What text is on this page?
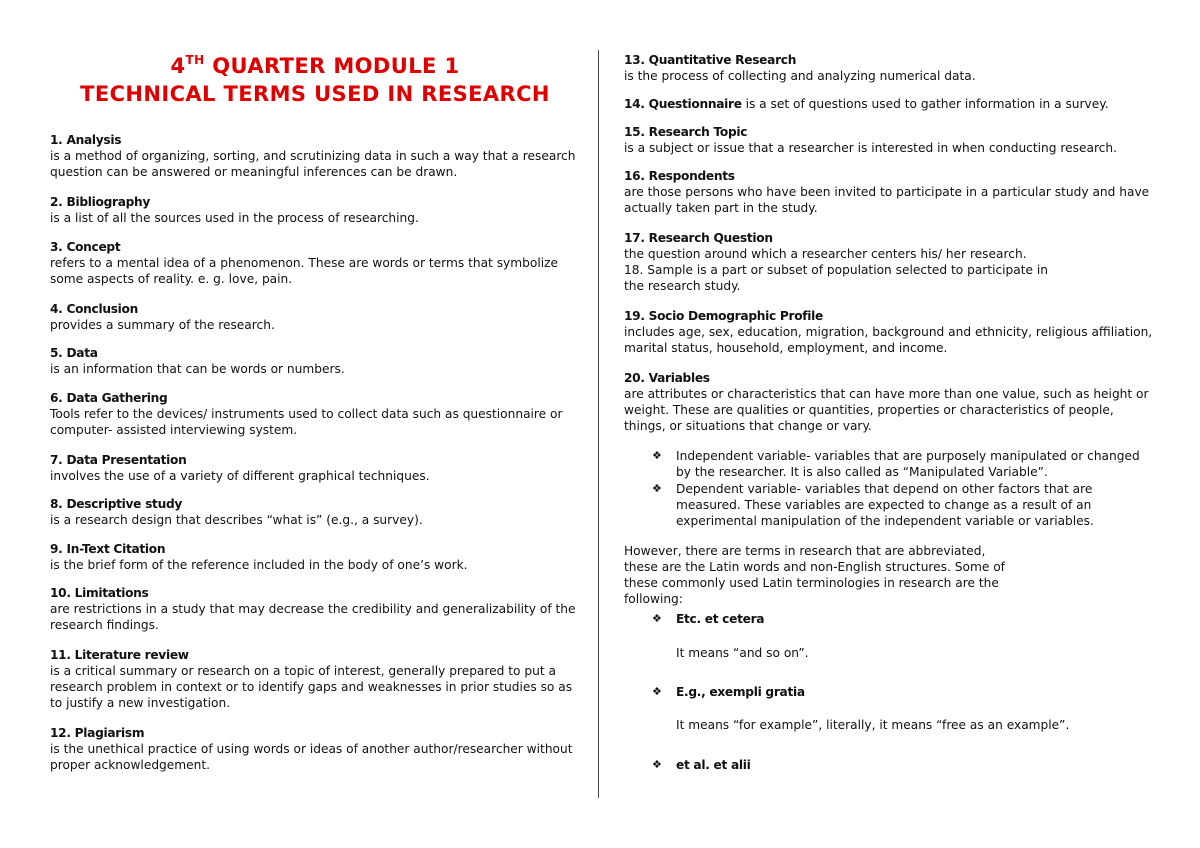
4TH QUARTER MODULE 1
TECHNICAL TERMS USED IN RESEARCH
1. Analysis
is a method of organizing, sorting, and scrutinizing data in such a way that a research question can be answered or meaningful inferences can be drawn.
2. Bibliography
is a list of all the sources used in the process of researching.
3. Concept
refers to a mental idea of a phenomenon. These are words or terms that symbolize some aspects of reality. e. g. love, pain.
4. Conclusion
provides a summary of the research.
5. Data
is an information that can be words or numbers.
6. Data Gathering
Tools refer to the devices/ instruments used to collect data such as questionnaire or computer- assisted interviewing system.
7. Data Presentation
involves the use of a variety of different graphical techniques.
8. Descriptive study
is a research design that describes “what is” (e.g., a survey).
9. In-Text Citation
is the brief form of the reference included in the body of one’s work.
10. Limitations
are restrictions in a study that may decrease the credibility and generalizability of the research findings.
11. Literature review
is a critical summary or research on a topic of interest, generally prepared to put a research problem in context or to identify gaps and weaknesses in prior studies so as to justify a new investigation.
12. Plagiarism
is the unethical practice of using words or ideas of another author/researcher without proper acknowledgement.
13. Quantitative Research
is the process of collecting and analyzing numerical data.
14. Questionnaire is a set of questions used to gather information in a survey.
15. Research Topic
is a subject or issue that a researcher is interested in when conducting research.
16. Respondents
are those persons who have been invited to participate in a particular study and have actually taken part in the study.
17. Research Question
the question around which a researcher centers his/ her research.
18. Sample is a part or subset of population selected to participate in the research study.
19. Socio Demographic Profile
includes age, sex, education, migration, background and ethnicity, religious affiliation, marital status, household, employment, and income.
20. Variables
are attributes or characteristics that can have more than one value, such as height or weight. These are qualities or quantities, properties or characteristics of people, things, or situations that change or vary.
❖ Independent variable- variables that are purposely manipulated or changed by the researcher. It is also called as “Manipulated Variable”.
❖ Dependent variable- variables that depend on other factors that are measured. These variables are expected to change as a result of an experimental manipulation of the independent variable or variables.
However, there are terms in research that are abbreviated, these are the Latin words and non-English structures. Some of these commonly used Latin terminologies in research are the following:
❖ Etc. et cetera
It means “and so on”.
❖ E.g., exempli gratia
It means “for example”, literally, it means “free as an example”.
❖ et al. et alii
